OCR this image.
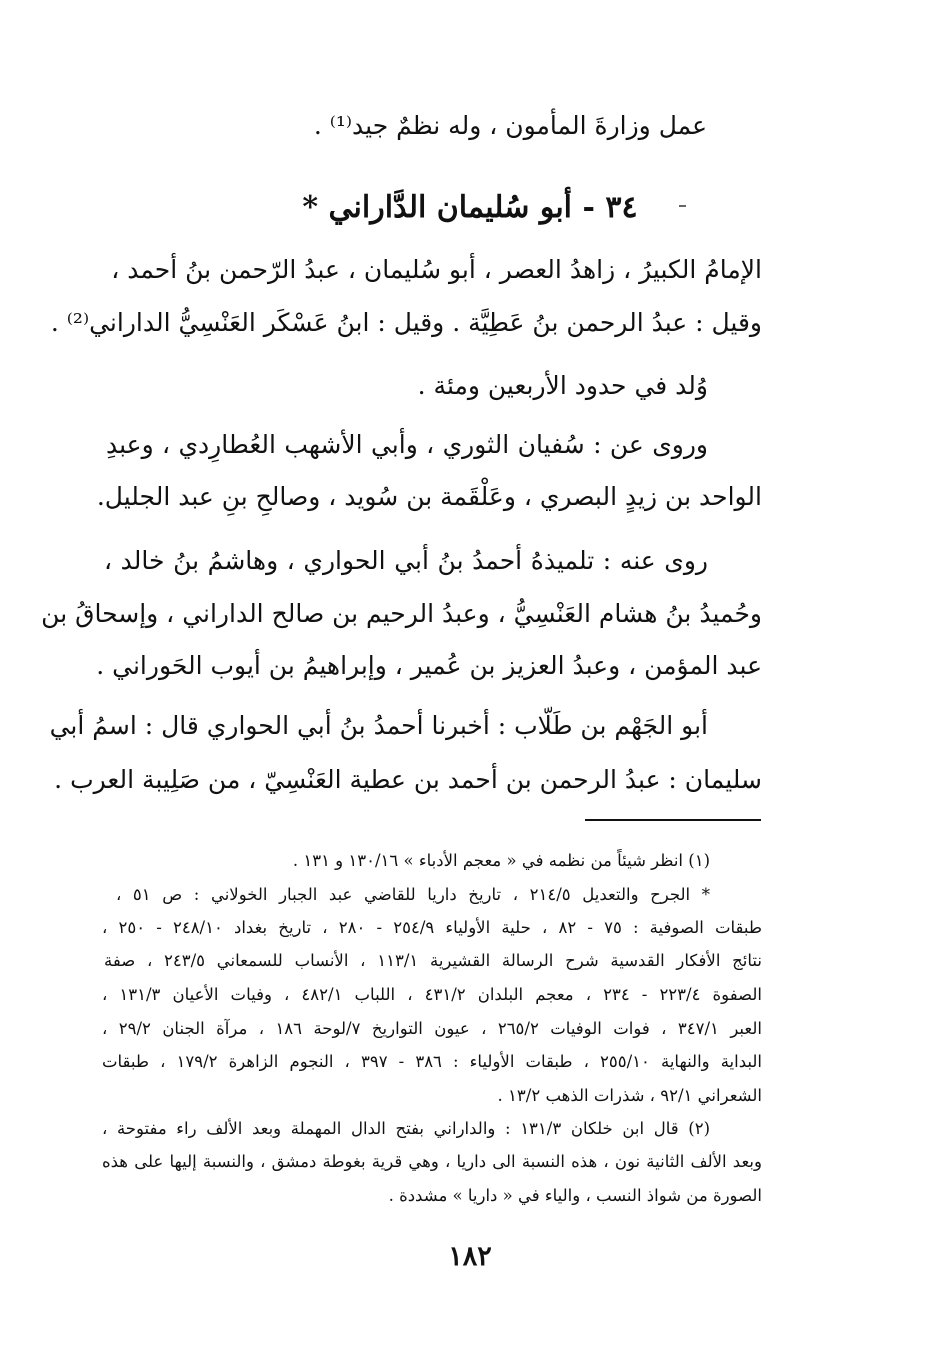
عمل وزارةَ المأمون ، وله نظمٌ جيد⁽¹⁾ .
٣٤ - أبو سُليمان الدَّاراني *
الإمامُ الكبيرُ ، زاهدُ العصر ، أبو سُليمان ، عبدُ الرّحمن بنُ أحمد ،
وقيل : عبدُ الرحمن بنُ عَطِيَّة . وقيل : ابنُ عَسْكَر العَنْسِيُّ الداراني⁽²⁾ .
وُلد في حدود الأربعين ومئة .
وروى عن : سُفيان الثوري ، وأبي الأشهب العُطارِدي ، وعبدِ
الواحد بن زيدٍ البصري ، وعَلْقَمة بن سُويد ، وصالحِ بنِ عبد الجليل.
روى عنه : تلميذهُ أحمدُ بنُ أبي الحواري ، وهاشمُ بنُ خالد ،
وحُميدُ بنُ هشام العَنْسِيُّ ، وعبدُ الرحيم بن صالح الداراني ، وإسحاقُ بن
عبد المؤمن ، وعبدُ العزيز بن عُمير ، وإبراهيمُ بن أيوب الحَوراني .
أبو الجَهْم بن طَلّاب : أخبرنا أحمدُ بنُ أبي الحواري قال : اسمُ أبي
سليمان : عبدُ الرحمن بن أحمد بن عطية العَنْسِيّ ، من صَلِيبة العرب .
(١) انظر شيئاً من نظمه في « معجم الأدباء » ١٣٠/١٦ و ١٣١ .
* الجرح والتعديل ٢١٤/٥ ، تاريخ داريا للقاضي عبد الجبار الخولاني : ص ٥١ ،
طبقات الصوفية : ٧٥ - ٨٢ ، حلية الأولياء ٢٥٤/٩ - ٢٨٠ ، تاريخ بغداد ٢٤٨/١٠ - ٢٥٠ ،
نتائج الأفكار القدسية شرح الرسالة القشيرية ١١٣/١ ، الأنساب للسمعاني ٢٤٣/٥ ، صفة
الصفوة ٢٢٣/٤ - ٢٣٤ ، معجم البلدان ٤٣١/٢ ، اللباب ٤٨٢/١ ، وفيات الأعيان ١٣١/٣ ،
العبر ٣٤٧/١ ، فوات الوفيات ٢٦٥/٢ ، عيون التواريخ ٧/لوحة ١٨٦ ، مرآة الجنان ٢٩/٢ ،
البداية والنهاية ٢٥٥/١٠ ، طبقات الأولياء : ٣٨٦ - ٣٩٧ ، النجوم الزاهرة ١٧٩/٢ ، طبقات
الشعراني ٩٢/١ ، شذرات الذهب ١٣/٢ .
(٢) قال ابن خلكان ١٣١/٣ : والداراني بفتح الدال المهملة وبعد الألف راء مفتوحة ،
وبعد الألف الثانية نون ، هذه النسبة الى داريا ، وهي قرية بغوطة دمشق ، والنسبة إليها على هذه
الصورة من شواذ النسب ، والياء في « داريا » مشددة .
١٨٢
